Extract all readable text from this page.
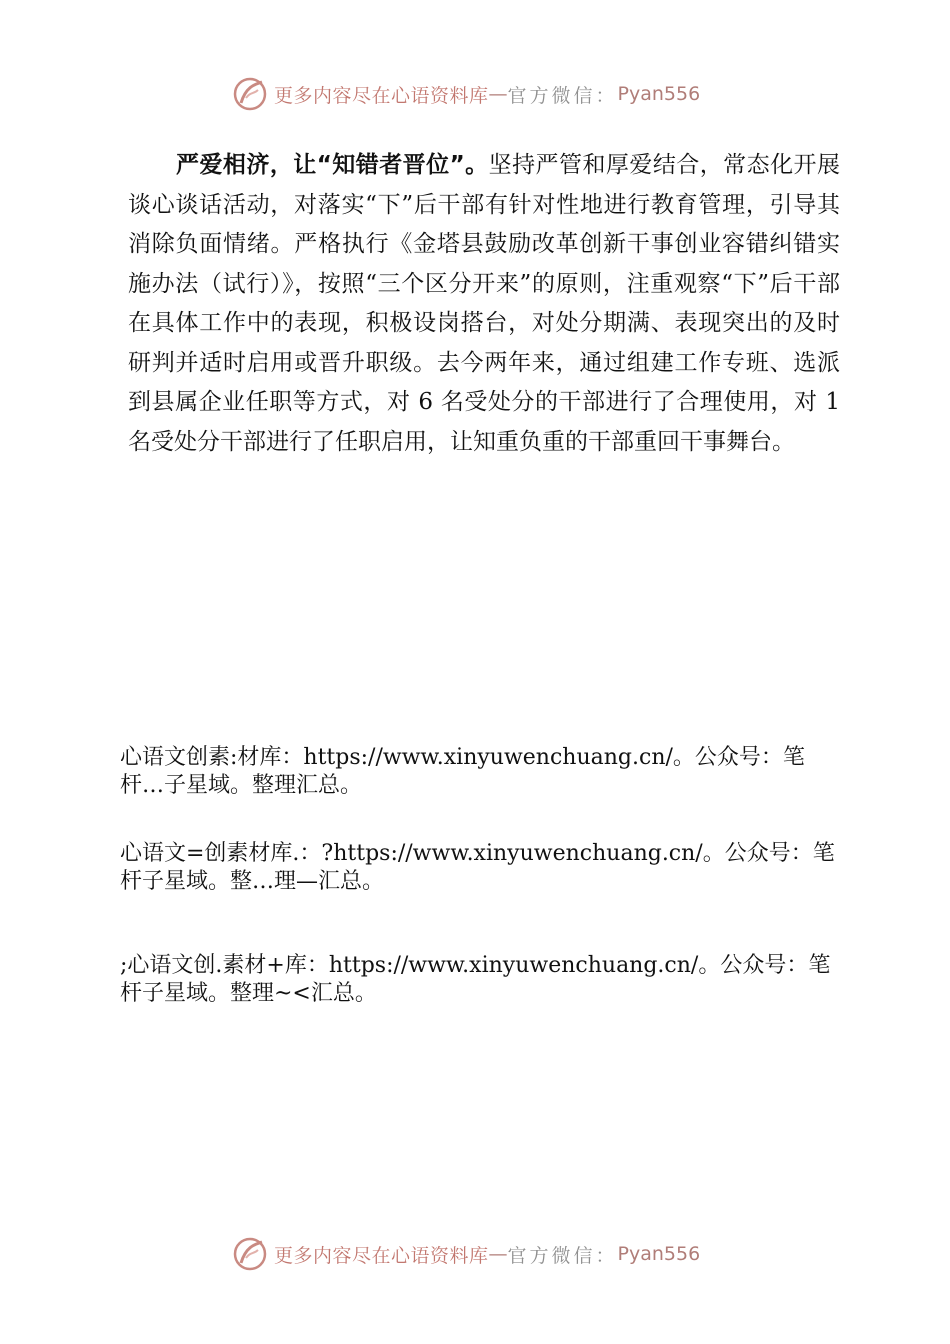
更多内容尽在心语资料库 — 官方微信： Pyan556
严爱相济，让“知错者晋位”。坚持严管和厚爱结合，常态化开展谈心谈话活动，对落实“下”后干部有针对性地进行教育管理，引导其消除负面情绪。严格执行《金塔县鼓励改革创新干事创业容错纠错实施办法（试行）》，按照“三个区分开来”的原则，注重观察“下”后干部在具体工作中的表现，积极设岗搭台，对处分期满、表现突出的及时研判并适时启用或晋升职级。去今两年来，通过组建工作专班、选派到县属企业任职等方式，对 6 名受处分的干部进行了合理使用，对 1 名受处分干部进行了任职启用，让知重负重的干部重回干事舞台。
心语文创素:材库：https://www.xinyuwenchuang.cn/。公众号：笔杆…子星域。整理汇总。
心语文=创素材库.：?https://www.xinyuwenchuang.cn/。公众号：笔杆子星域。整…理—汇总。
;心语文创.素材+库：https://www.xinyuwenchuang.cn/。公众号：笔杆子星域。整理~<汇总。
更多内容尽在心语资料库 — 官方微信： Pyan556
